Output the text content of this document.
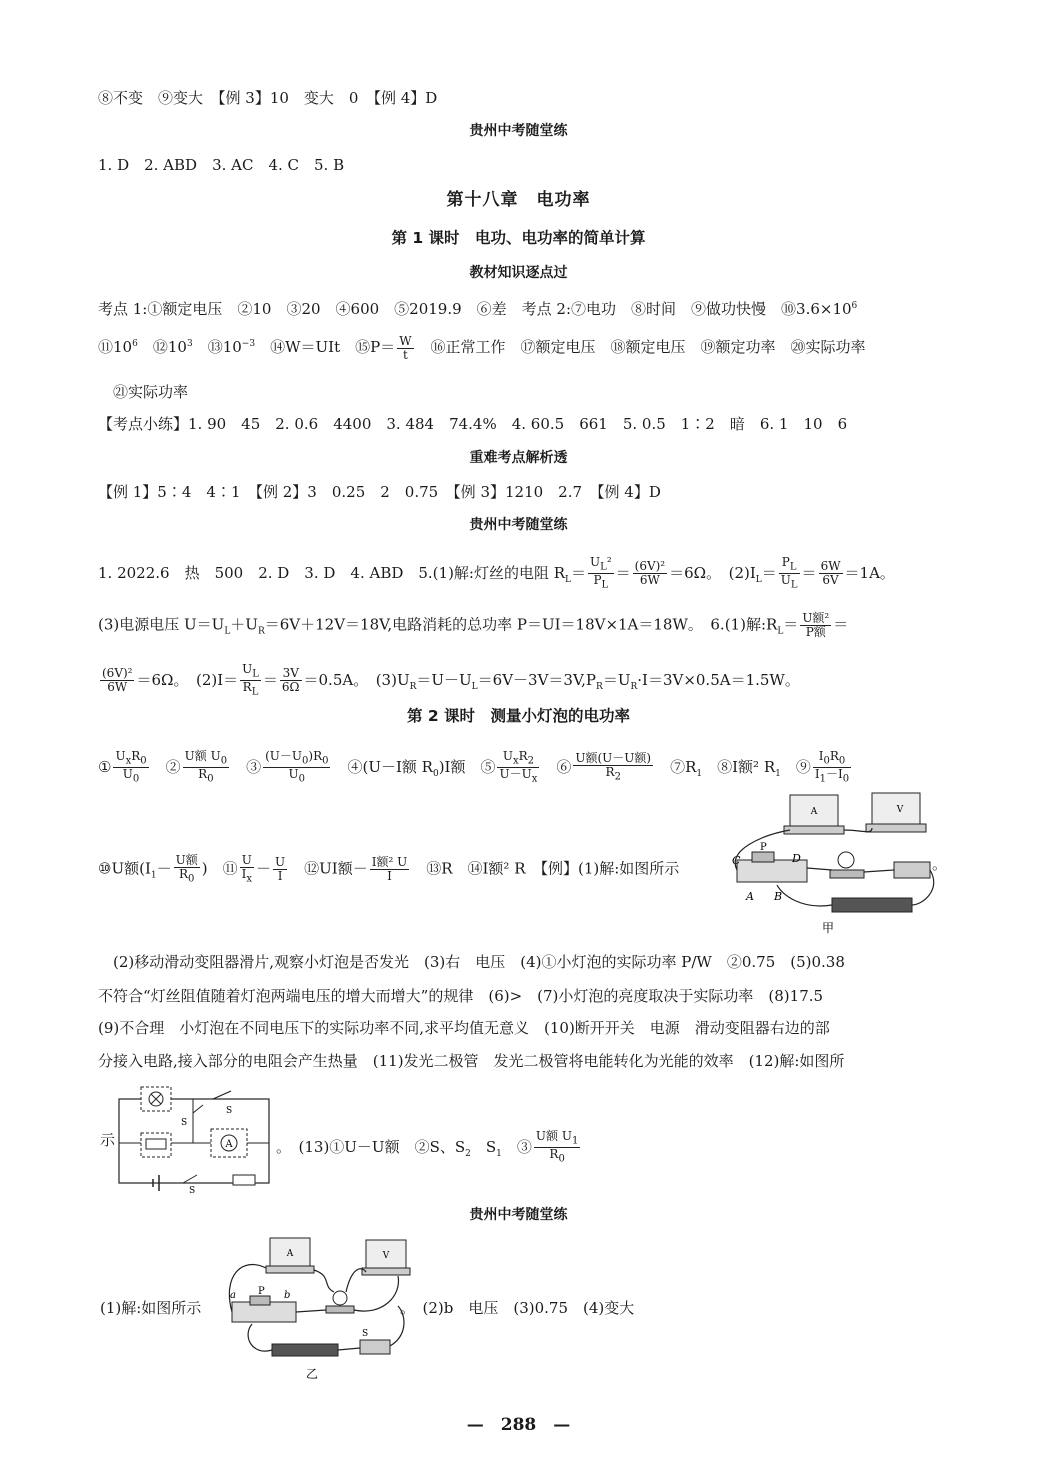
⑧不变　⑨变大　【例 3】10　变大　0　【例 4】D
贵州中考随堂练
1. D　2. ABD　3. AC　4. C　5. B
第十八章　电功率
第 1 课时　电功、电功率的简单计算
教材知识逐点过
考点 1:①额定电压　②10　③20　④600　⑤2019.9　⑥差　考点 2:⑦电功　⑧时间　⑨做功快慢　$⑩3.6\times 10^6$
$⑪10^6$　 $⑫10^3$　 $⑬10^{-3}$　 ⑭W＝UIt　⑮P＝ $\frac{W}{t}$
　 ⑯正常工作　⑰额定电压　⑱额定电压　⑲额定功率　⑳实际功率
㉑实际功率
【考点小练】1. 90　45　2. 0.6　4400　3. 484　74.4%　4. 60.5　661　5. 0.5　1∶2　暗　6. 1　10　6
重难考点解析透
【例 1】5∶4　4∶1　【例 2】3　0.25　2　0.75　【例 3】1210　2.7　【例 4】D
贵州中考随堂练
1. 2022.6　热　500　2. D　3. D　4. ABD　5.(1)解:灯丝的电阻 $R_L= \frac{U_L^2}{P_L} = \frac{\text{(6V)²}}{6W} =6\Omega$。　$(2)I_L= \frac{P_L}{U_L} = \frac{6W}{6V} =1A$。
(3)电源电压 $U=U_L+U_R=6V+12V=18V$,电路消耗的总功率 P＝UI＝18V×1A＝18W。　6.(1)解$:R_L= \frac{\text{U额²}}{\text{P额}}$ ＝
$\frac{\text{(6V)²}}{6W} =6\Omega$。　$(2)I= \frac{U_L}{R_L} = \frac{3V}{6\Omega} =0.5A$。　$(3)U_R=U-U_L=6V-3V=3V,P_R=U_R\cdot I=3V\times 0.5A=1.5W$。
第 2 课时　测量小灯泡的电功率
① $\frac{U_xR_0}{U_0}$ 　② $\frac{U额 U_0}{R_0}$ 　③ $\frac{(U-U_0)R_0}{U_0}$ 　④(U－I额 $R_0)I$额　⑤ $\frac{U_xR_2}{U-U_x}$ 　⑥ $\frac{\text{U额(U－U额)}}{R_2}$ 　$⑦R_1$　⑧I额² $R_1$　⑨ $\frac{I_0R_0}{I_1-I_0}$
⑩U额($I_1- \frac{\text{U额}}{R_0}$ )　⑪ $\frac{U}{I_x} - \frac{U}{I}$ 　⑫UI额－ $\frac{\text{I额² U}}{I}$ 　⑬R　⑭I额² R　【例】(1)解:如图所示
A	V
C	D
P
A B
甲
。
(2)移动滑动变阻器滑片,观察小灯泡是否发光　(3)右　电压　(4)①小灯泡的实际功率 P/W　②0.75　(5)0.38
不符合“灯丝阻值随着灯泡两端电压的增大而增大”的规律　(6)>　(7)小灯泡的亮度取决于实际功率　(8)17.5
(9)不合理　小灯泡在不同电压下的实际功率不同,求平均值无意义　(10)断开开关　电源　滑动变阻器右边的部
分接入电路,接入部分的电阻会产生热量　(11)发光二极管　发光二极管将电能转化为光能的效率　(12)解:如图所
S
A
S
S
示	。　(13)①U－U额　②S、$S_2$　$S_1$　③ $\frac{U额 U_1}{R_0}$
贵州中考随堂练
A	V
a	b
P
S
乙
(1)解:如图所示	。　(2)b　电压　(3)0.75　(4)变大
—　 288　 —
